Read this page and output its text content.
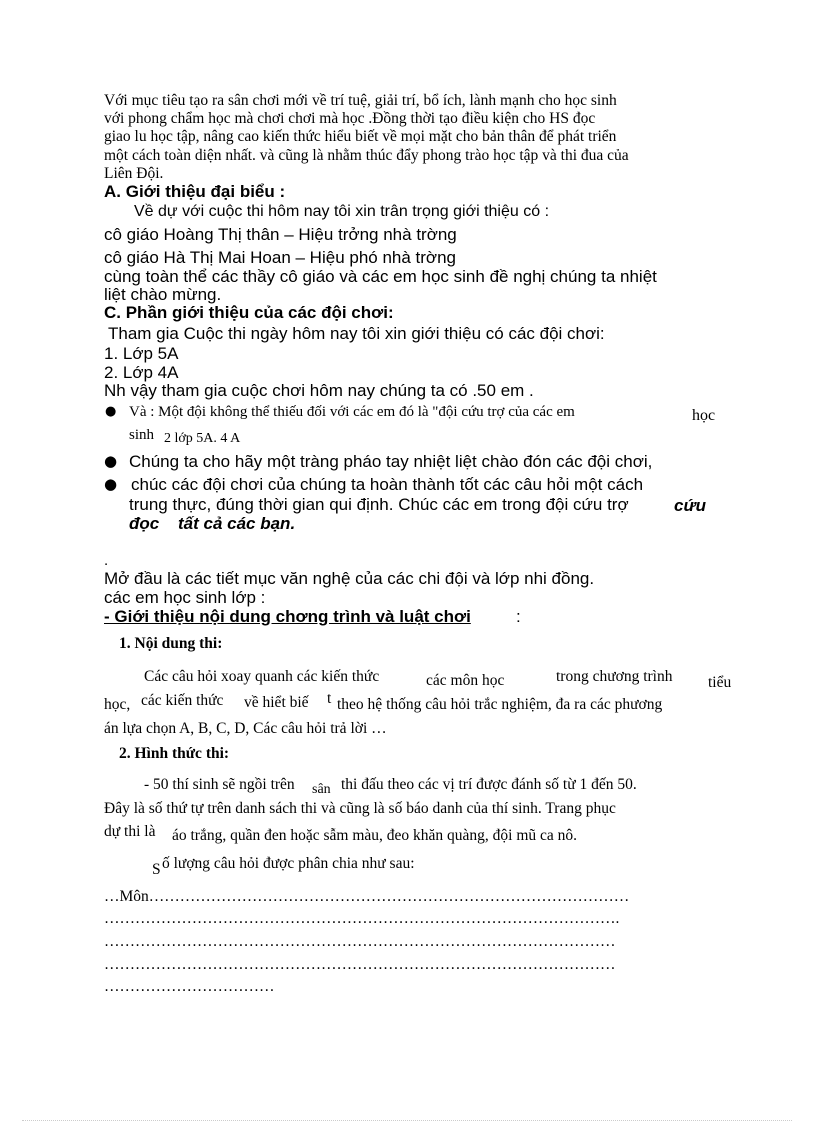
Với mục tiêu tạo ra sân chơi mới về trí tuệ, giải trí, bổ ích, lành mạnh cho học sinh
với phong chẩm học mà chơi chơi mà học .Đồng thời tạo điều kiện cho HS đọc
giao lu học tập, nâng cao kiến thức hiểu biết về mọi mặt cho bản thân để phát triển
một cách toàn diện nhất. và cũng là nhằm thúc đẩy phong trào học tập và thi đua của
Liên Đội.
A. Giới thiệu đại biểu :
Về dự với cuộc thi hôm nay tôi xin trân trọng giới thiệu có :
cô giáo Hoàng Thị thân – Hiệu trởng nhà trờng
cô giáo Hà Thị Mai Hoan – Hiệu phó nhà trờng
cùng toàn thể các thầy cô giáo và các em học sinh đề nghị chúng ta nhiệt
liệt chào mừng.
C. Phần giới thiệu của các đội chơi:
Tham gia Cuộc thi ngày hôm nay tôi xin giới thiệu có các đội chơi:
1. Lớp 5A
2. Lớp 4A
Nh vậy tham gia cuộc chơi hôm nay chúng ta có .50 em .
● Và : Một đội không thể thiếu đối với các em đó là "đội cứu trợ của các em	học
sinh 2 lớp 5A. 4 A
● Chúng ta cho hãy một tràng pháo tay nhiệt liệt chào đón các đội chơi,
● chúc các đội chơi của chúng ta hoàn thành tốt các câu hỏi một cách
trung thực, đúng thời gian qui định. Chúc các em trong đội cứu trợ	cứu
đọc tất cả các bạn.
.
Mở đầu là các tiết mục văn nghệ của các chi đội và lớp nhi đồng.
các em học sinh lớp :
- Giới thiệu nội dung chơng trình và luật chơi	:
1. Nội dung thi:
Các câu hỏi xoay quanh các kiến thức	các môn học	trong chương trình tiểu
học, các kiến thức về hiểt biế t theo hệ thống câu hỏi trắc nghiệm, đa ra các phương
án lựa chọn A, B, C, D, Các câu hỏi trả lời …
2. Hình thức thi:
- 50 thí sinh sẽ ngồi trên sân thi đấu theo các vị trí được đánh số từ 1 đến 50.
Đây là số thứ tự trên danh sách thi và cũng là số báo danh của thí sinh. Trang phục
dự thi là áo trắng, quần đen hoặc sẫm màu, đeo khăn quàng, đội mũ ca nô.
S ố lượng câu hỏi được phân chia như sau:
…Môn…………………………………………………………………………………
……………………………………………………………………………………….
………………………………………………………………………………………
………………………………………………………………………………………
……………………………
